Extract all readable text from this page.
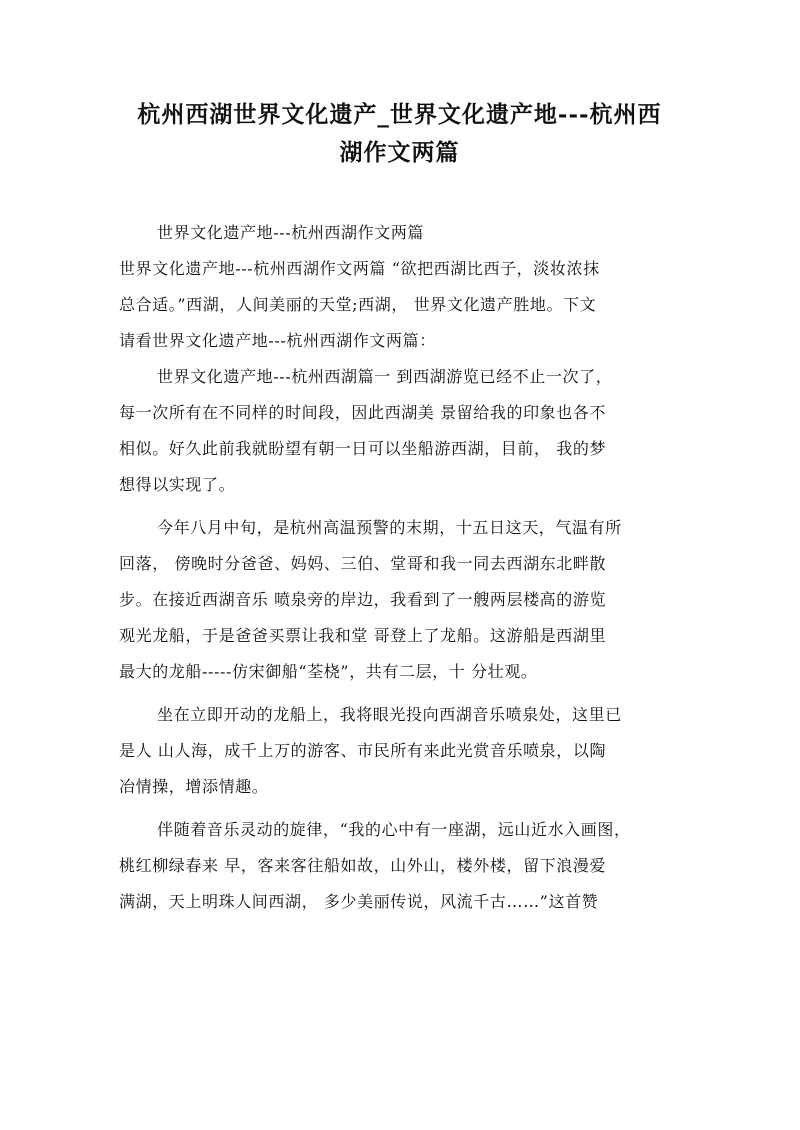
杭州西湖世界文化遗产_世界文化遗产地---杭州西
湖作文两篇

世界文化遗产地---杭州西湖作文两篇

世界文化遗产地---杭州西湖作文两篇 “欲把西湖比西子，淡妆浓抹
总合适。”西湖，人间美丽的天堂;西湖， 世界文化遗产胜地。下文
请看世界文化遗产地---杭州西湖作文两篇：

世界文化遗产地---杭州西湖篇一 到西湖游览已经不止一次了，
每一次所有在不同样的时间段，因此西湖美 景留给我的印象也各不
相似。好久此前我就盼望有朝一日可以坐船游西湖，目前， 我的梦
想得以实现了。

今年八月中旬，是杭州高温预警的末期，十五日这天，气温有所
回落， 傍晚时分爸爸、妈妈、三伯、堂哥和我一同去西湖东北畔散
步。在接近西湖音乐 喷泉旁的岸边，我看到了一艘两层楼高的游览
观光龙船，于是爸爸买票让我和堂 哥登上了龙船。这游船是西湖里
最大的龙船-----仿宋御船“荃桡”，共有二层，十 分壮观。

坐在立即开动的龙船上，我将眼光投向西湖音乐喷泉处，这里已
是人 山人海，成千上万的游客、市民所有来此光赏音乐喷泉，以陶
冶情操，增添情趣。

伴随着音乐灵动的旋律，“我的心中有一座湖，远山近水入画图，
桃红柳绿春来 早，客来客往船如故，山外山，楼外楼，留下浪漫爱
满湖，天上明珠人间西湖， 多少美丽传说，风流千古……”这首赞
